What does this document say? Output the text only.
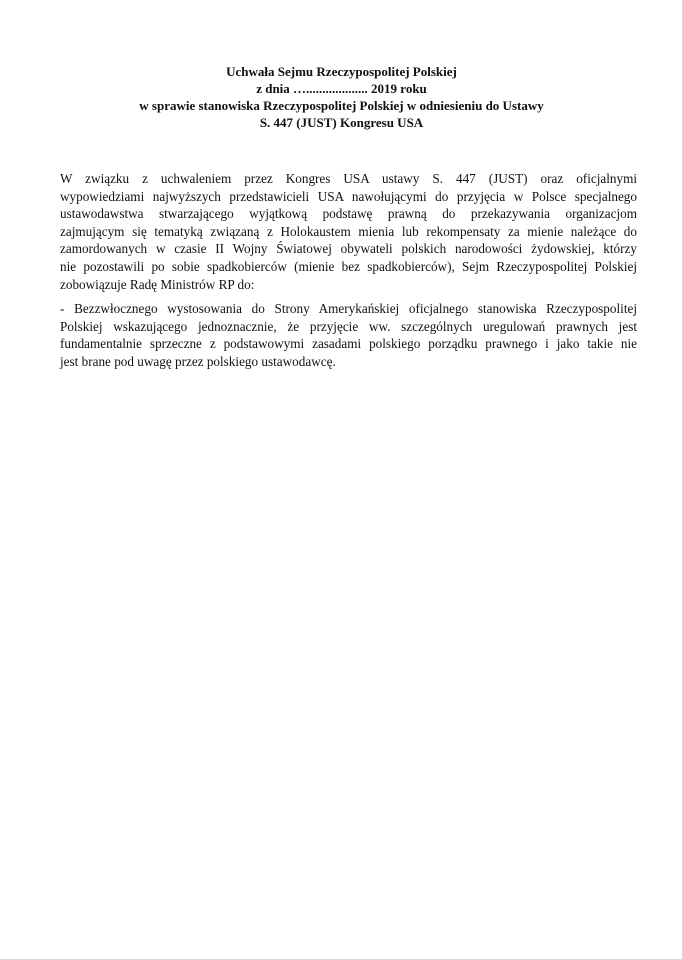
Uchwała Sejmu Rzeczypospolitej Polskiej
z dnia …................... 2019 roku
w sprawie stanowiska Rzeczypospolitej Polskiej w odniesieniu do Ustawy
S. 447 (JUST) Kongresu USA
W związku z uchwaleniem przez Kongres USA ustawy S. 447 (JUST) oraz oficjalnymi
wypowiedziami najwyższych przedstawicieli USA nawołującymi do przyjęcia w Polsce specjalnego
ustawodawstwa stwarzającego wyjątkową podstawę prawną do przekazywania organizacjom
zajmującym się tematyką związaną z Holokaustem mienia lub rekompensaty za mienie należące do
zamordowanych w czasie II Wojny Światowej obywateli polskich narodowości żydowskiej, którzy
nie pozostawili po sobie spadkobierców (mienie bez spadkobierców), Sejm Rzeczypospolitej Polskiej
zobowiązuje Radę Ministrów RP do:
- Bezzwłocznego wystosowania do Strony Amerykańskiej oficjalnego stanowiska Rzeczypospolitej
Polskiej wskazującego jednoznacznie, że przyjęcie ww. szczególnych uregulowań prawnych jest
fundamentalnie sprzeczne z podstawowymi zasadami polskiego porządku prawnego i jako takie nie
jest brane pod uwagę przez polskiego ustawodawcę.
